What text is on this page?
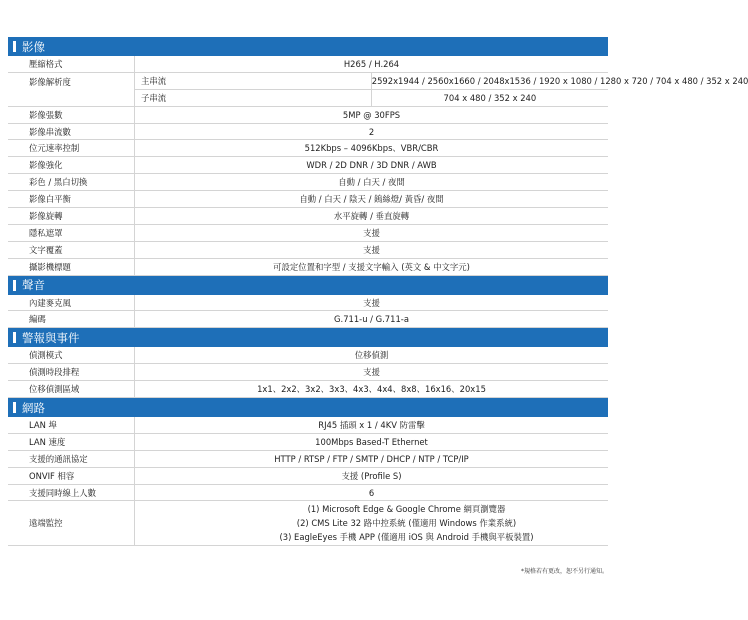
影像
壓縮格式	H265 / H.264	
影像解析度	主串流	2592x1944 / 2560x1660 / 2048x1536 / 1920 x 1080 / 1280 x 720 / 704 x 480 / 352 x 240
	子串流	704 x 480 / 352 x 240
影像張數	5MP @ 30FPS	
影像串流數	2	
位元速率控制	512Kbps – 4096Kbps、VBR/CBR	
影像強化	WDR / 2D DNR / 3D DNR / AWB	
彩色 / 黑白切換	自動 / 白天 / 夜間	
影像白平衡	自動 / 白天 / 陰天 / 鎢絲燈/ 黃昏/ 夜間	
影像旋轉	水平旋轉 / 垂直旋轉	
隱私遮罩	支援	
文字覆蓋	支援	
攝影機標題	可設定位置和字型 / 支援文字輸入 (英文 & 中文字元)	
聲音
內建麥克風	支援
編碼	G.711-u / G.711-a
警報與事件
偵測模式	位移偵測
偵測時段排程	支援
位移偵測區域	1x1、2x2、3x2、3x3、4x3、4x4、8x8、16x16、20x15
網路
LAN 埠	RJ45 插頭 x 1 / 4KV 防雷擊
LAN 速度	100Mbps Based-T Ethernet
支援的通訊協定	HTTP / RTSP / FTP / SMTP / DHCP / NTP / TCP/IP
ONVIF 相容	支援 (Profile S)
支援同時線上人數	6
遠端監控	(1) Microsoft Edge & Google Chrome 網頁瀏覽器
(2) CMS Lite 32 路中控系統 (僅適用 Windows 作業系統)
(3) EagleEyes 手機 APP (僅適用 iOS 與 Android 手機與平板裝置)
*規格若有更改，恕不另行通知。
